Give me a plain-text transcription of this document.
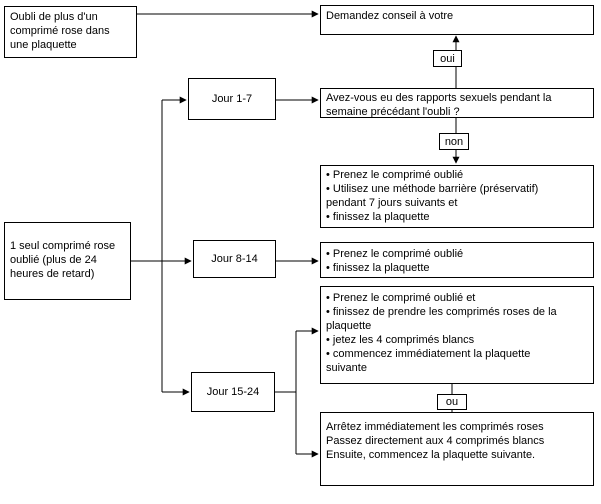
Oubli de plus d'un
comprimé rose dans
une plaquette
Demandez conseil à votre
oui
Avez-vous eu des rapports sexuels pendant la
semaine précédant l'oubli ?
non
• Prenez le comprimé oublié
• Utilisez une méthode barrière (préservatif)
pendant 7 jours suivants et
• finissez la plaquette
1 seul comprimé rose
oublié (plus de 24
heures de retard)
Jour 1-7
Jour 8-14
Jour 15-24
• Prenez le comprimé oublié
• finissez la plaquette
• Prenez le comprimé oublié et
• finissez de prendre les comprimés roses de la
plaquette
• jetez les 4 comprimés blancs
• commencez immédiatement la plaquette
suivante
ou
Arrêtez immédiatement les comprimés roses
Passez directement aux 4 comprimés blancs
Ensuite, commencez la plaquette suivante.
